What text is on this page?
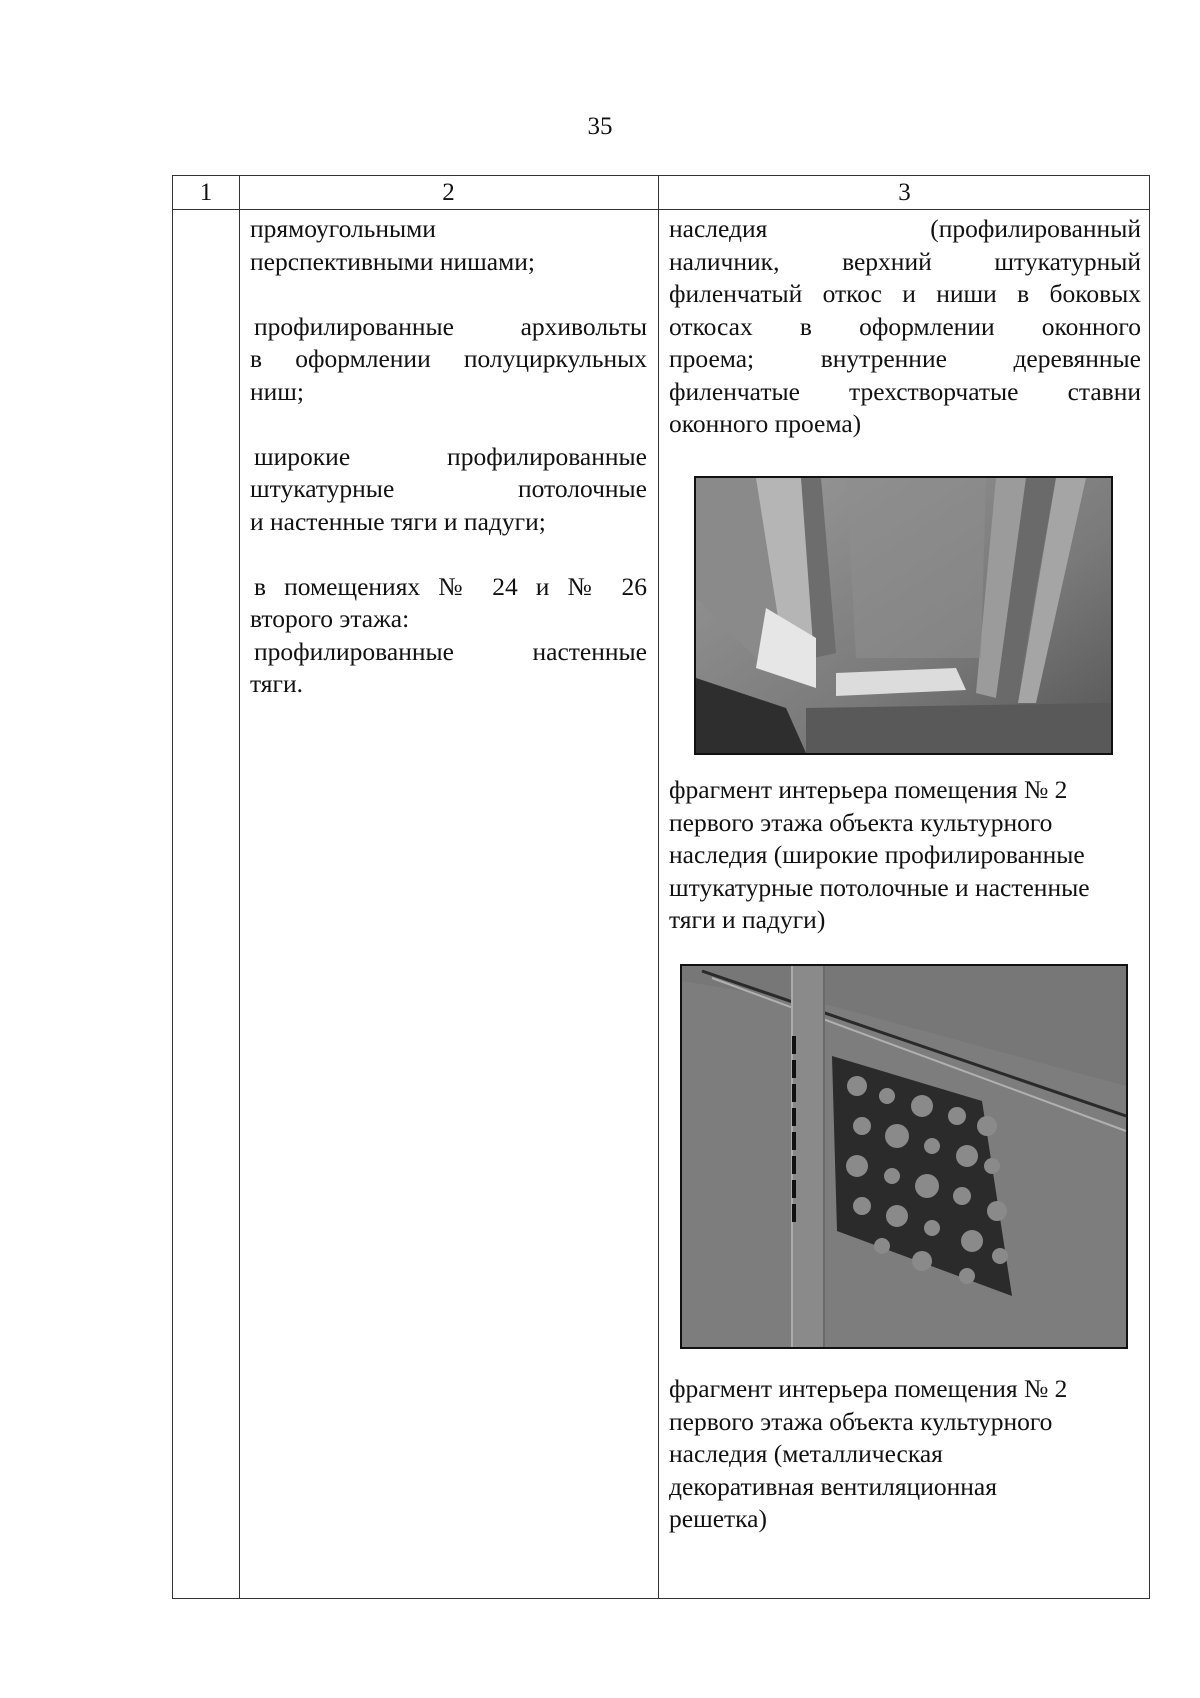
35
1	2	3
прямоугольными
перспективными нишами;
профилированные архивольты
в оформлении полуциркульных
ниш;
широкие профилированные
штукатурные потолочные
и настенные тяги и падуги;
в помещениях № 24 и № 26
второго этажа:
профилированные настенные
тяги.
наследия (профилированный
наличник, верхний штукатурный
филенчатый откос и ниши в боковых
откосах в оформлении оконного
проема; внутренние деревянные
филенчатые трехстворчатые ставни
оконного проема)
фрагмент интерьера помещения № 2
первого этажа объекта культурного
наследия (широкие профилированные
штукатурные потолочные и настенные
тяги и падуги)
фрагмент интерьера помещения № 2
первого этажа объекта культурного
наследия (металлическая
декоративная вентиляционная
решетка)
